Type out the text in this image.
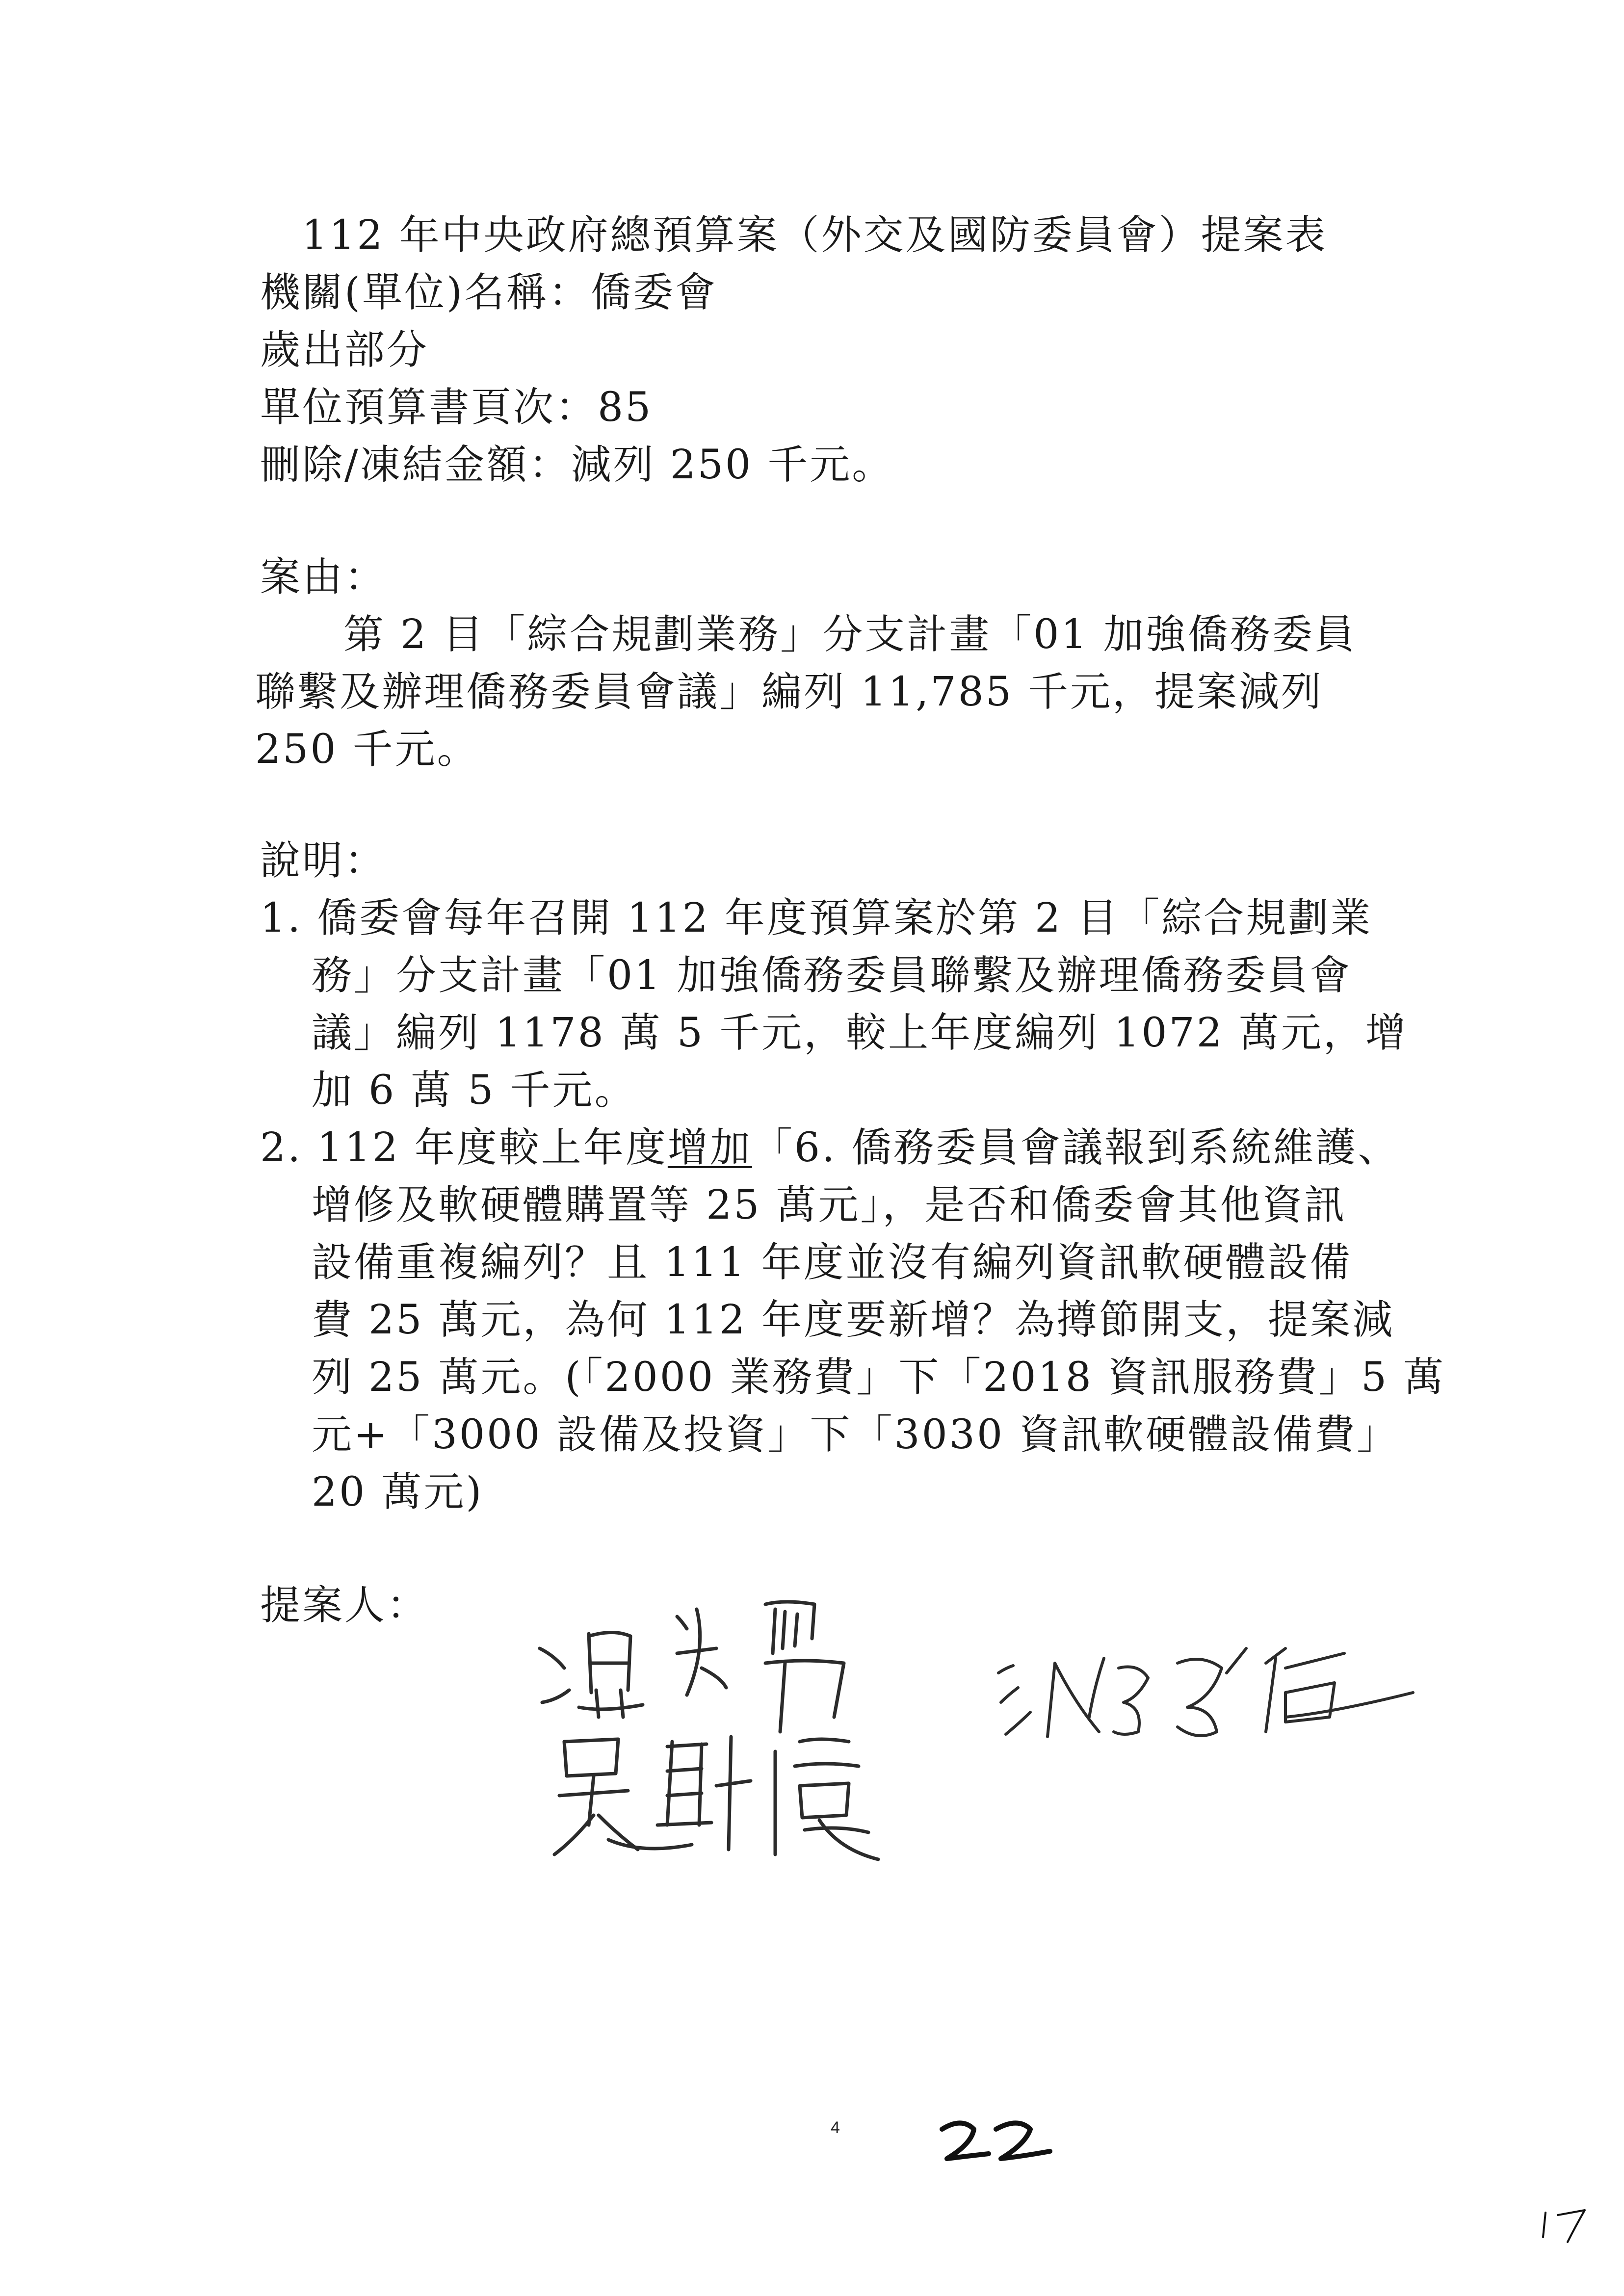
112 年中央政府總預算案（外交及國防委員會）提案表
機關(單位)名稱：僑委會
歲出部分
單位預算書頁次：85
刪除/凍結金額：減列 250 千元。
案由：
第 2 目「綜合規劃業務」分支計畫「01 加強僑務委員
聯繫及辦理僑務委員會議」編列 11,785 千元，提案減列
250 千元。
說明：
1. 僑委會每年召開 112 年度預算案於第 2 目「綜合規劃業
務」分支計畫「01 加強僑務委員聯繫及辦理僑務委員會
議」編列 1178 萬 5 千元，較上年度編列 1072 萬元，增
加 6 萬 5 千元。
2. 112 年度較上年度增加「6. 僑務委員會議報到系統維護、
增修及軟硬體購置等 25 萬元」，是否和僑委會其他資訊
設備重複編列？且 111 年度並沒有編列資訊軟硬體設備
費 25 萬元，為何 112 年度要新增？為撙節開支，提案減
列 25 萬元。(「2000 業務費」下「2018 資訊服務費」5 萬
元+「3000 設備及投資」下「3030 資訊軟硬體設備費」
20 萬元)
提案人：
4
